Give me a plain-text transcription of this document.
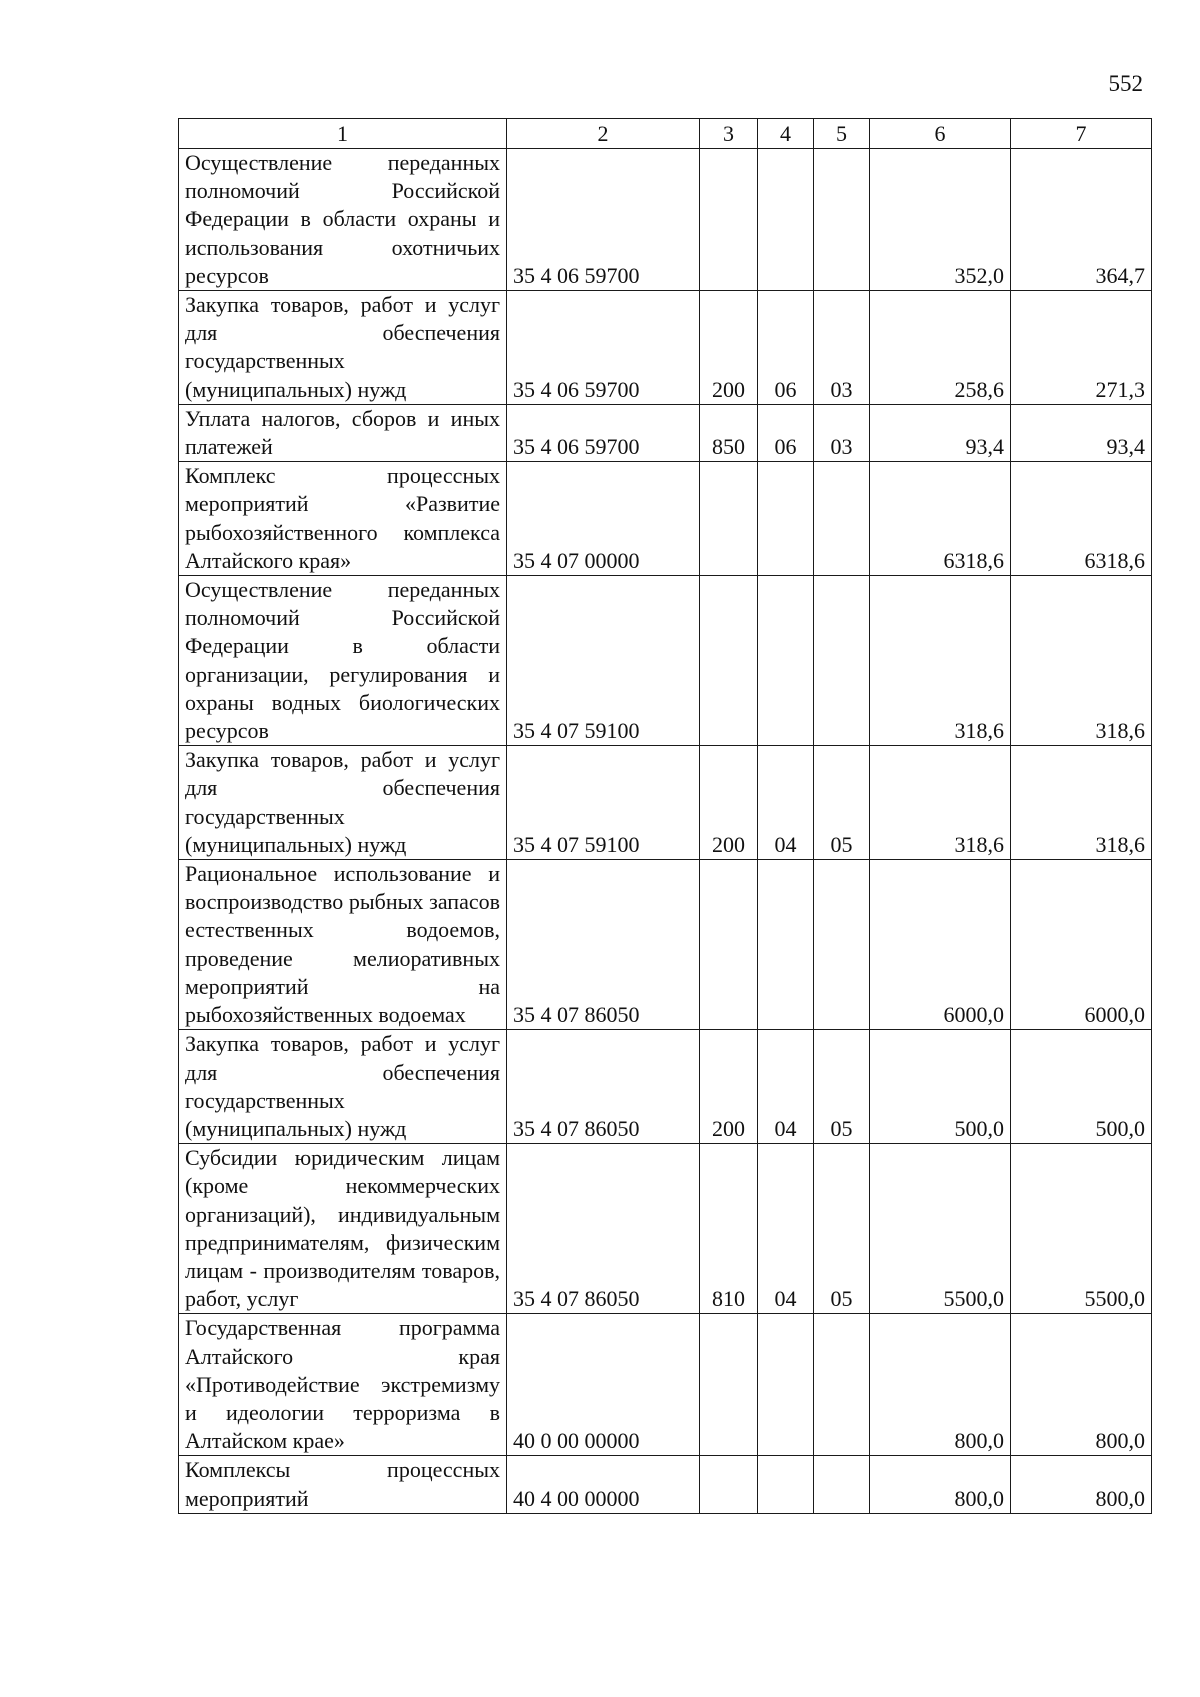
552
1	2	3	4	5	6	7
Осуществление переданных полномочий Российской Федерации в области охраны и использования охотничьих ресурсов	35 4 06 59700				352,0	364,7
Закупка товаров, работ и услуг для обеспечения государственных (муниципальных) нужд	35 4 06 59700	200	06	03	258,6	271,3
Уплата налогов, сборов и иных платежей	35 4 06 59700	850	06	03	93,4	93,4
Комплекс процессных мероприятий «Развитие рыбохозяйственного комплекса Алтайского края»	35 4 07 00000				6318,6	6318,6
Осуществление переданных полномочий Российской Федерации в области организации, регулирования и охраны водных биологических ресурсов	35 4 07 59100				318,6	318,6
Закупка товаров, работ и услуг для обеспечения государственных (муниципальных) нужд	35 4 07 59100	200	04	05	318,6	318,6
Рациональное использование и воспроизводство рыбных запасов естественных водоемов, проведение мелиоративных мероприятий на рыбохозяйственных водоемах	35 4 07 86050				6000,0	6000,0
Закупка товаров, работ и услуг для обеспечения государственных (муниципальных) нужд	35 4 07 86050	200	04	05	500,0	500,0
Субсидии юридическим лицам (кроме некоммерческих организаций), индивидуальным предпринимателям, физическим лицам - производителям товаров, работ, услуг	35 4 07 86050	810	04	05	5500,0	5500,0
Государственная программа Алтайского края «Противодействие экстремизму и идеологии терроризма в Алтайском крае»	40 0 00 00000				800,0	800,0
Комплексы процессных мероприятий	40 4 00 00000				800,0	800,0
